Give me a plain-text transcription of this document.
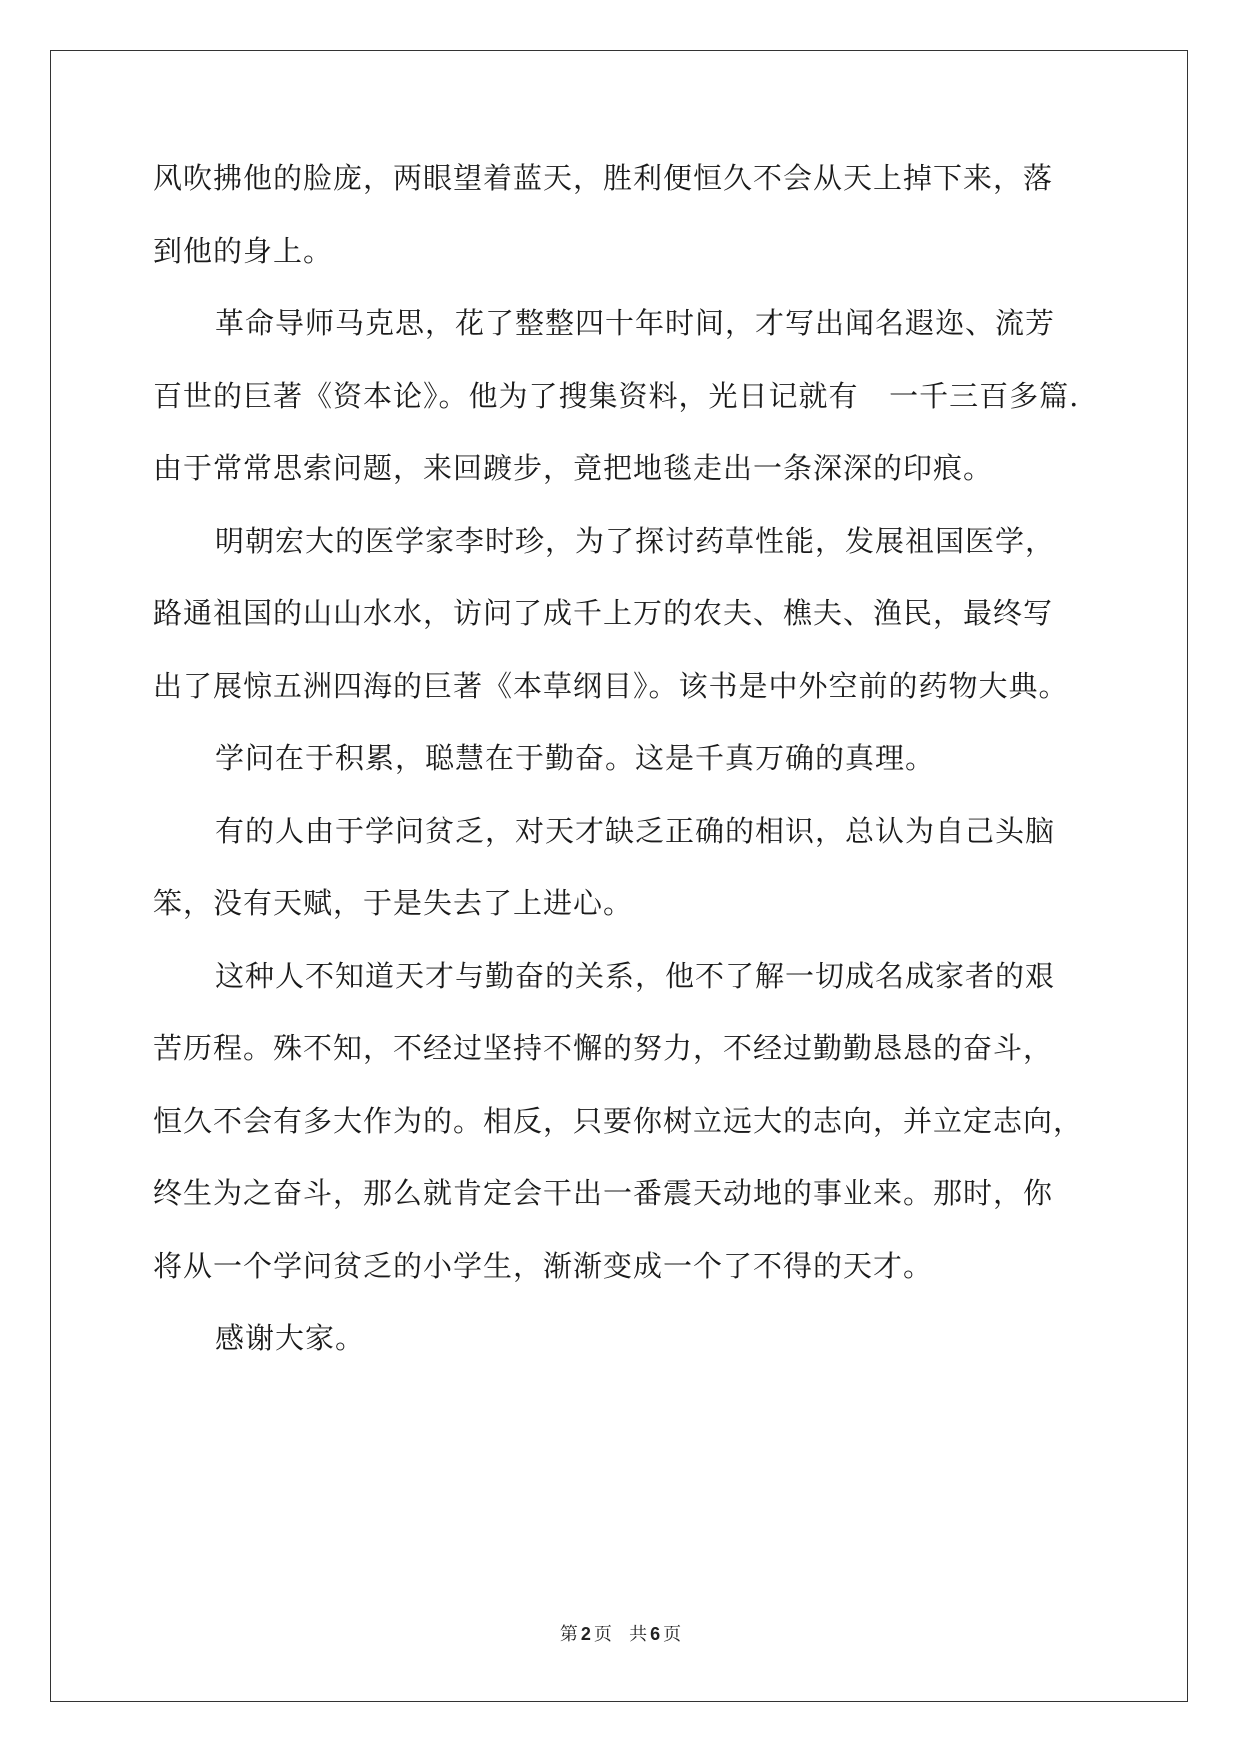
风吹拂他的脸庞，两眼望着蓝天，胜利便恒久不会从天上掉下来，落
到他的身上。
革命导师马克思，花了整整四十年时间，才写出闻名遐迩、流芳
百世的巨著《资本论》。他为了搜集资料，光日记就有   一千三百多篇.
由于常常思索问题，来回踱步，竟把地毯走出一条深深的印痕。
明朝宏大的医学家李时珍，为了探讨药草性能，发展祖国医学，
路通祖国的山山水水，访问了成千上万的农夫、樵夫、渔民，最终写
出了展惊五洲四海的巨著《本草纲目》。该书是中外空前的药物大典。
学问在于积累，聪慧在于勤奋。这是千真万确的真理。
有的人由于学问贫乏，对天才缺乏正确的相识，总认为自己头脑
笨，没有天赋，于是失去了上进心。
这种人不知道天才与勤奋的关系，他不了解一切成名成家者的艰
苦历程。殊不知，不经过坚持不懈的努力，不经过勤勤恳恳的奋斗，
恒久不会有多大作为的。相反，只要你树立远大的志向，并立定志向，
终生为之奋斗，那么就肯定会干出一番震天动地的事业来。那时，你
将从一个学问贫乏的小学生，渐渐变成一个了不得的天才。
感谢大家。
第 2 页 共 6 页
